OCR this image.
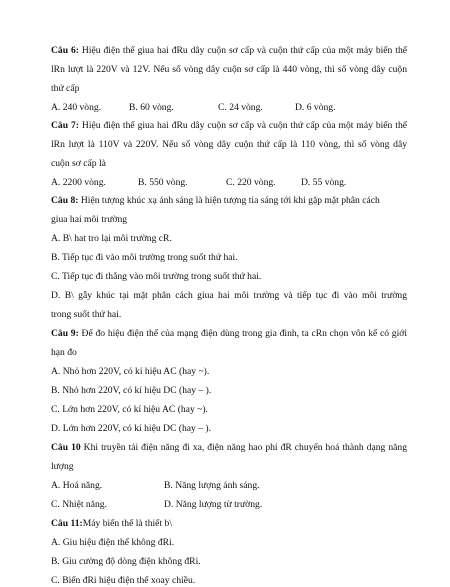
Câu 6: Hiệu điện thế giua hai đRu dây cuộn sơ cấp và cuộn thứ cấp của một máy biến thế
lRn lượt là 220V và 12V. Nếu số vòng dây cuộn sơ cấp là 440 vòng, thì số vòng dây cuộn
thứ cấp
A. 240 vòng.	B. 60 vòng.	C. 24 vòng.	D. 6 vòng.
Câu 7: Hiệu điện thế giua hai đRu dây cuộn sơ cấp và cuộn thứ cấp của một máy biến thế
lRn lượt là 110V và 220V. Nếu số vòng dây cuộn thứ cấp là 110 vòng, thì số vòng dây
cuộn sơ cấp là
A. 2200 vòng.	B. 550 vòng.	C. 220 vòng.	D. 55 vòng.
Câu 8: Hiện tượng khúc xạ ánh sáng là hiện tượng tia sáng tới khi gặp mặt phân cách
giua hai môi trường
A. B\ hat tro lại môi trường cR.
B. Tiếp tục đi vào môi trường trong suốt thứ hai.
C. Tiếp tục đi thẳng vào môi trường trong suốt thứ hai.
D. B\ gẫy khúc tại mặt phân cách giua hai môi trường và tiếp tục đi vào môi trường
trong suốt thứ hai.
Câu 9: Để đo hiệu điện thế của mạng điện dùng trong gia đình, ta cRn chọn vôn kế có giới
hạn đo
A. Nhỏ hơn 220V, có kí hiệu AC (hay ~).
B. Nhỏ hơn 220V, có kí hiệu DC (hay – ).
C. Lớn hơn 220V, có kí hiệu AC (hay ~).
D. Lớn hơn 220V, có kí hiệu DC (hay – ).
Câu 10 Khi truyền tải điện năng đi xa, điện năng hao phí đR chuyển hoá thành dạng năng
lượng
A. Hoá năng.	B. Năng lượng ánh sáng.
C. Nhiệt năng.	D. Năng lượng từ trường.
Câu 11:Máy biến thế là thiết b\
A. Giu hiệu điện thế không đRi.
B. Giu cường độ dòng điện không đRi.
C. Biến đRi hiệu điện thế xoay chiều.
